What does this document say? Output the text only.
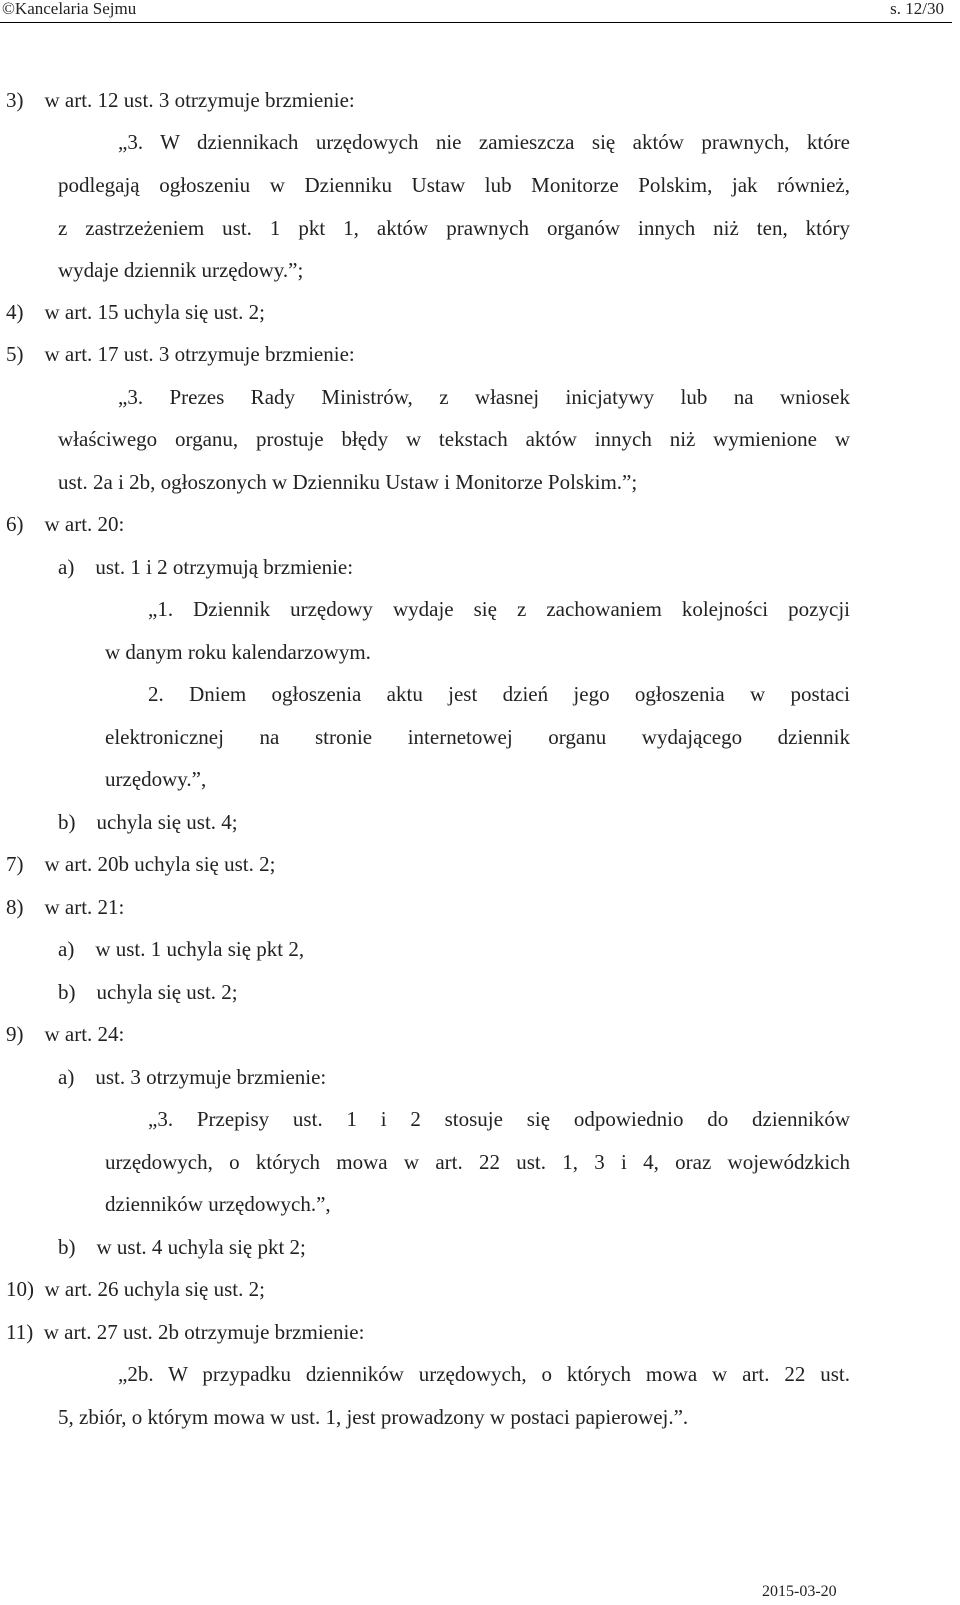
©Kancelaria Sejmu	s. 12/30
3)    w art. 12 ust. 3 otrzymuje brzmienie:
„3. W dziennikach urzędowych nie zamieszcza się aktów prawnych, które
podlegają ogłoszeniu w Dzienniku Ustaw lub Monitorze Polskim, jak również,
z zastrzeżeniem ust. 1 pkt 1, aktów prawnych organów innych niż ten, który
wydaje dziennik urzędowy.”;
4)    w art. 15 uchyla się ust. 2;
5)    w art. 17 ust. 3 otrzymuje brzmienie:
„3. Prezes Rady Ministrów, z własnej inicjatywy lub na wniosek
właściwego organu, prostuje błędy w tekstach aktów innych niż wymienione w
ust. 2a i 2b, ogłoszonych w Dzienniku Ustaw i Monitorze Polskim.”;
6)    w art. 20:
a)    ust. 1 i 2 otrzymują brzmienie:
„1. Dziennik urzędowy wydaje się z zachowaniem kolejności pozycji
w danym roku kalendarzowym.
2. Dniem ogłoszenia aktu jest dzień jego ogłoszenia w postaci
elektronicznej na stronie internetowej organu wydającego dziennik
urzędowy.”,
b)    uchyla się ust. 4;
7)    w art. 20b uchyla się ust. 2;
8)    w art. 21:
a)    w ust. 1 uchyla się pkt 2,
b)    uchyla się ust. 2;
9)    w art. 24:
a)    ust. 3 otrzymuje brzmienie:
„3. Przepisy ust. 1 i 2 stosuje się odpowiednio do dzienników
urzędowych, o których mowa w art. 22 ust. 1, 3 i 4, oraz wojewódzkich
dzienników urzędowych.”,
b)    w ust. 4 uchyla się pkt 2;
10)  w art. 26 uchyla się ust. 2;
11)  w art. 27 ust. 2b otrzymuje brzmienie:
„2b. W przypadku dzienników urzędowych, o których mowa w art. 22 ust.
5, zbiór, o którym mowa w ust. 1, jest prowadzony w postaci papierowej.”.
2015-03-20
